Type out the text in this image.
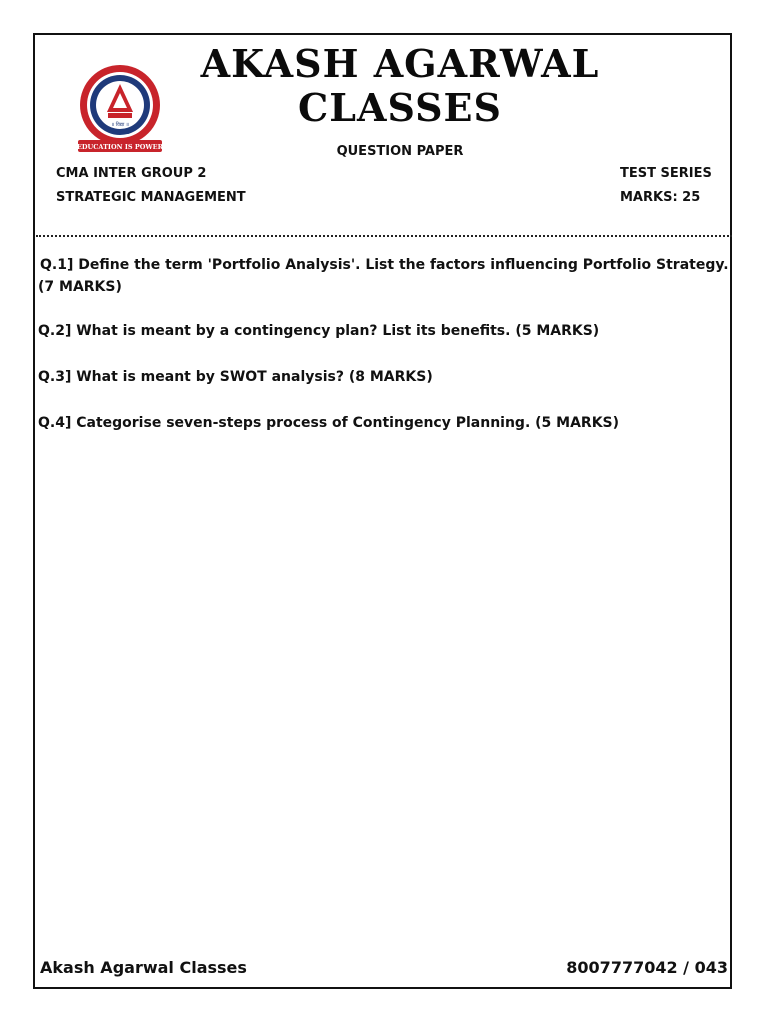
॥ विद्या ॥
EDUCATION IS POWER
AKASH AGARWAL
CLASSES
QUESTION PAPER
CMA INTER GROUP 2
STRATEGIC MANAGEMENT
TEST SERIES
MARKS: 25
Q.1] Define the term 'Portfolio Analysis'. List the factors influencing Portfolio Strategy.
(7 MARKS)
Q.2] What is meant by a contingency plan? List its benefits. (5 MARKS)
Q.3] What is meant by SWOT analysis? (8 MARKS)
Q.4] Categorise seven-steps process of Contingency Planning. (5 MARKS)
Akash Agarwal Classes	8007777042 / 043
